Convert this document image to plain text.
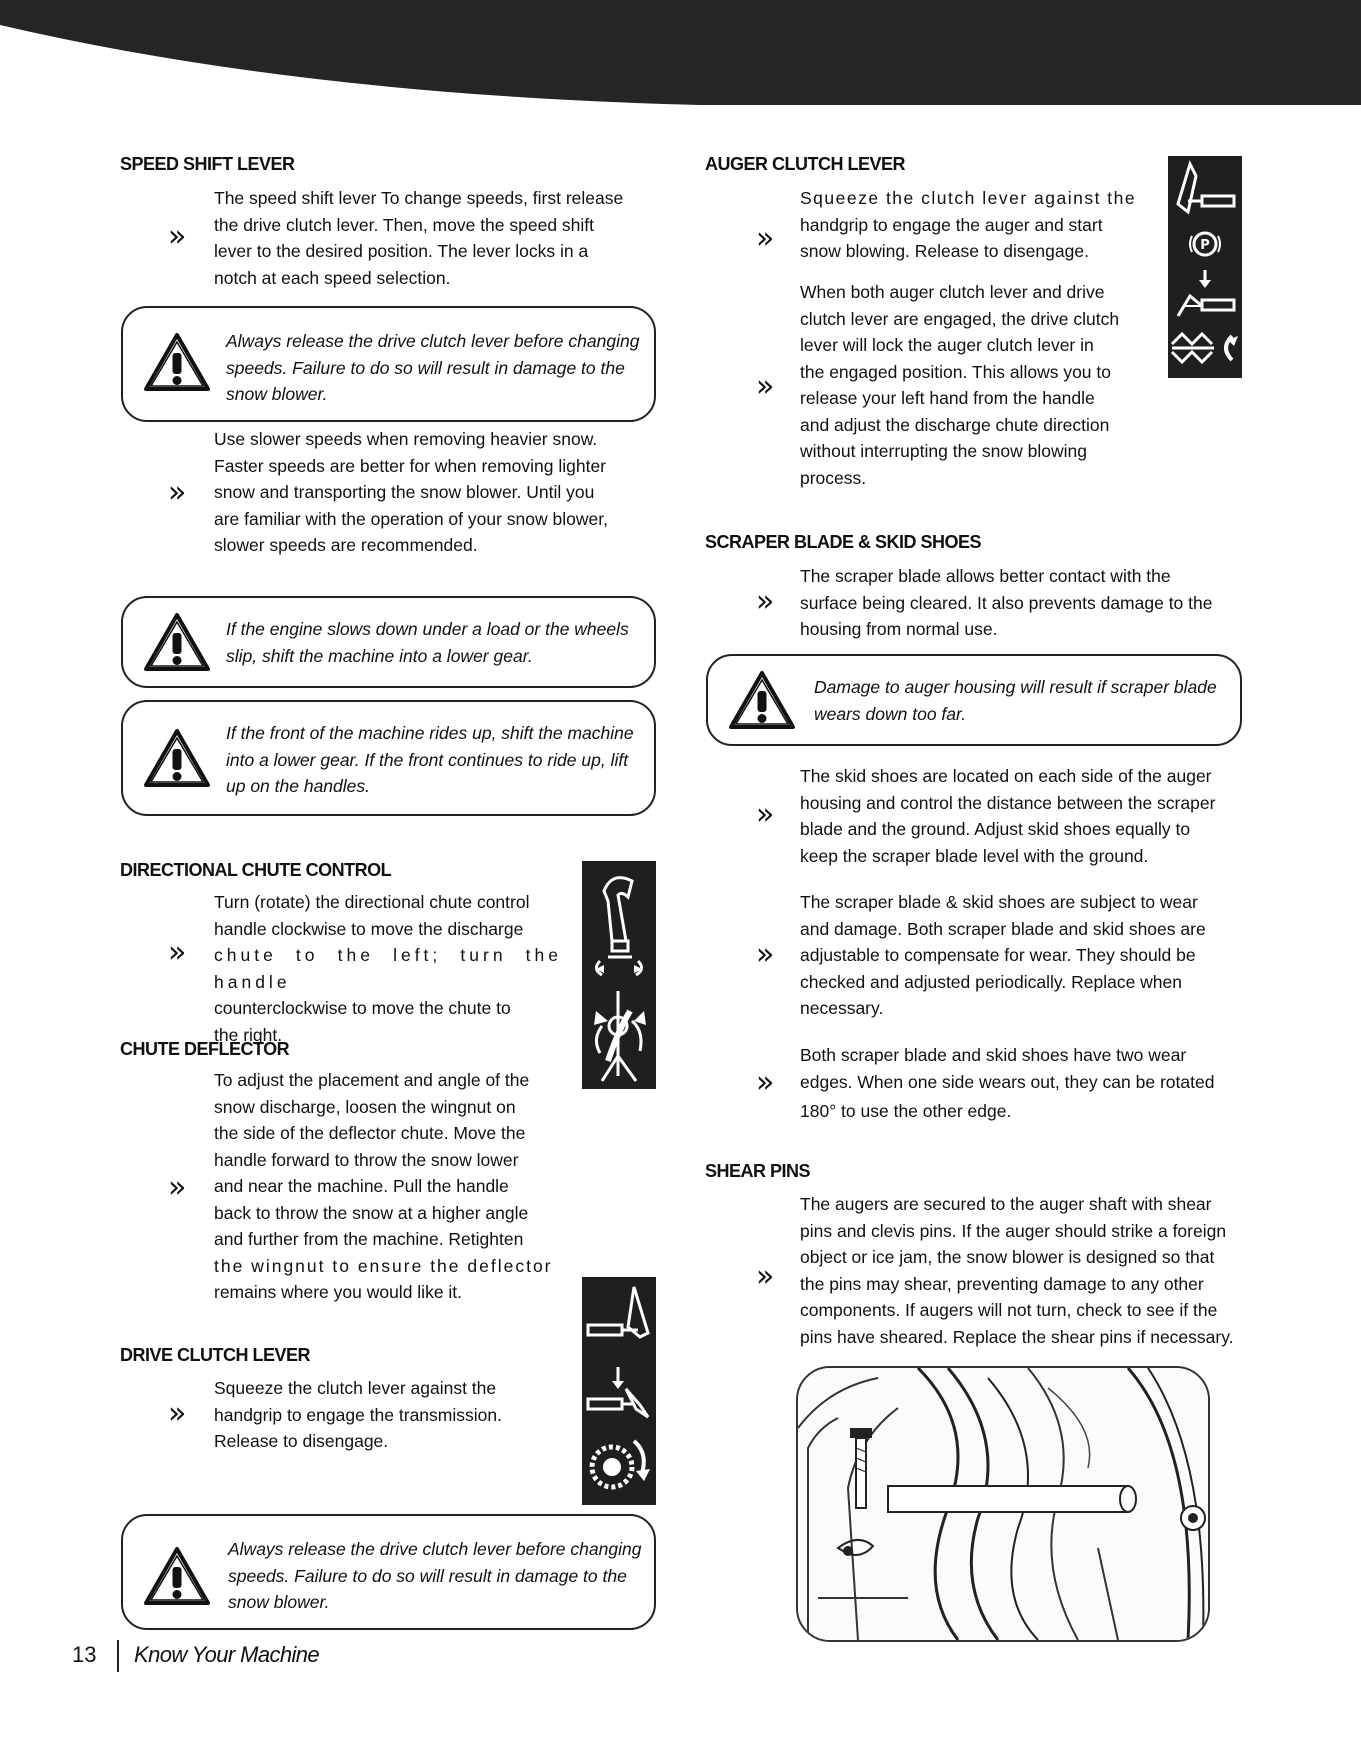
SPEED SHIFT LEVER
»
The speed shift lever To change speeds, first release
the drive clutch lever. Then, move the speed shift
lever to the desired position. The lever locks in a
notch at each speed selection.
Always release the drive clutch lever before changing
speeds. Failure to do so will result in damage to the
snow blower.
»
Use slower speeds when removing heavier snow.
Faster speeds are better for when removing lighter
snow and transporting the snow blower. Until you
are familiar with the operation of your snow blower,
slower speeds are recommended.
If the engine slows down under a load or the wheels
slip, shift the machine into a lower gear.
If the front of the machine rides up, shift the machine
into a lower gear. If the front continues to ride up, lift
up on the handles.
DIRECTIONAL CHUTE CONTROL
»
Turn (rotate) the directional chute control
handle clockwise to move the discharge
chute to the left; turn the handle
counterclockwise to move the chute to
the right.
CHUTE DEFLECTOR
»
To adjust the placement and angle of the
snow discharge, loosen the wingnut on
the side of the deflector chute. Move the
handle forward to throw the snow lower
and near the machine. Pull the handle
back to throw the snow at a higher angle
and further from the machine. Retighten
the wingnut to ensure the deflector
remains where you would like it.
DRIVE CLUTCH LEVER
»
Squeeze the clutch lever against the
handgrip to engage the transmission.
Release to disengage.
Always release the drive clutch lever before changing
speeds. Failure to do so will result in damage to the
snow blower.
AUGER CLUTCH LEVER
»
Squeeze the clutch lever against the
handgrip to engage the auger and start
snow blowing. Release to disengage.
»
When both auger clutch lever and drive
clutch lever are engaged, the drive clutch
lever will lock the auger clutch lever in
the engaged position. This allows you to
release your left hand from the handle
and adjust the discharge chute direction
without interrupting the snow blowing
process.
P
SCRAPER BLADE & SKID SHOES
»
The scraper blade allows better contact with the
surface being cleared. It also prevents damage to the
housing from normal use.
Damage to auger housing will result if scraper blade
wears down too far.
»
The skid shoes are located on each side of the auger
housing and control the distance between the scraper
blade and the ground. Adjust skid shoes equally to
keep the scraper blade level with the ground.
»
The scraper blade & skid shoes are subject to wear
and damage. Both scraper blade and skid shoes are
adjustable to compensate for wear. They should be
checked and adjusted periodically. Replace when
necessary.
»
Both scraper blade and skid shoes have two wear
edges. When one side wears out, they can be rotated
180° to use the other edge.
SHEAR PINS
»
The augers are secured to the auger shaft with shear
pins and clevis pins. If the auger should strike a foreign
object or ice jam, the snow blower is designed so that
the pins may shear, preventing damage to any other
components. If augers will not turn, check to see if the
pins have sheared. Replace the shear pins if necessary.
13 Know Your Machine
